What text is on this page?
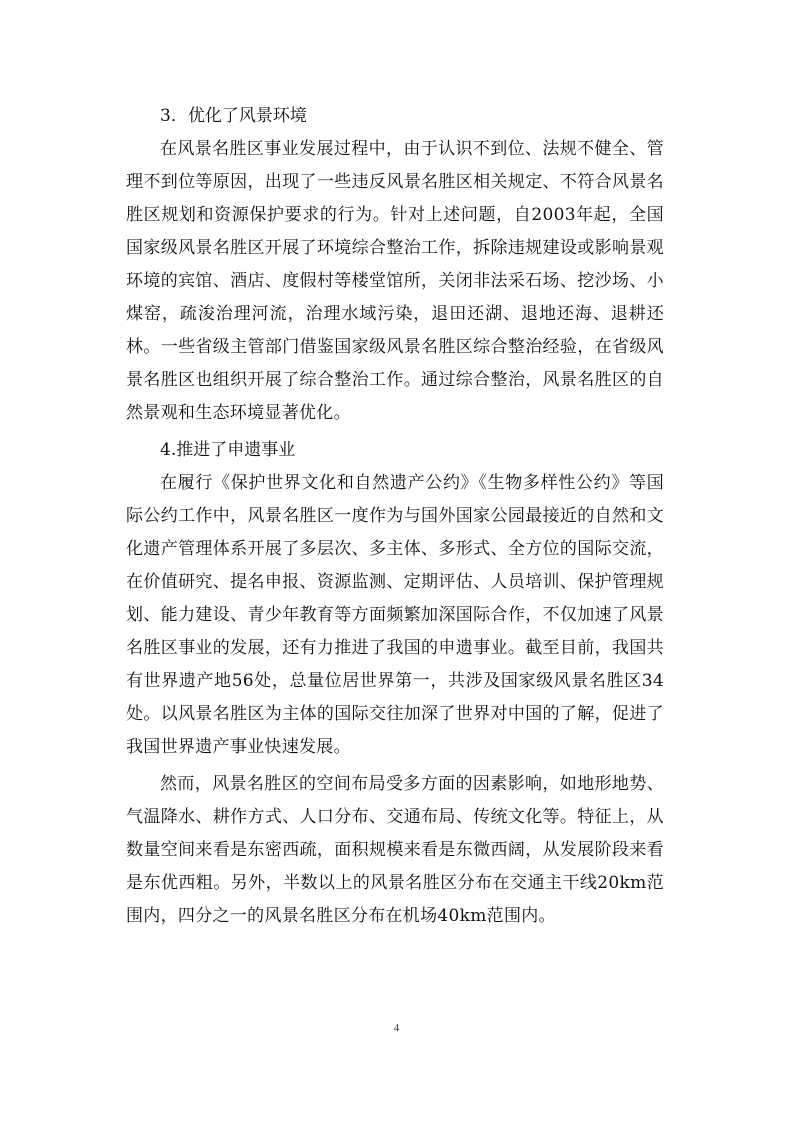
3．优化了风景环境

在风景名胜区事业发展过程中，由于认识不到位、法规不健全、管理不到位等原因，出现了一些违反风景名胜区相关规定、不符合风景名胜区规划和资源保护要求的行为。针对上述问题，自2003年起，全国国家级风景名胜区开展了环境综合整治工作，拆除违规建设或影响景观环境的宾馆、酒店、度假村等楼堂馆所，关闭非法采石场、挖沙场、小煤窑，疏浚治理河流，治理水域污染，退田还湖、退地还海、退耕还林。一些省级主管部门借鉴国家级风景名胜区综合整治经验，在省级风景名胜区也组织开展了综合整治工作。通过综合整治，风景名胜区的自然景观和生态环境显著优化。

4.推进了申遗事业

在履行《保护世界文化和自然遗产公约》《生物多样性公约》等国际公约工作中，风景名胜区一度作为与国外国家公园最接近的自然和文化遗产管理体系开展了多层次、多主体、多形式、全方位的国际交流，在价值研究、提名申报、资源监测、定期评估、人员培训、保护管理规划、能力建设、青少年教育等方面频繁加深国际合作，不仅加速了风景名胜区事业的发展，还有力推进了我国的申遗事业。截至目前，我国共有世界遗产地56处，总量位居世界第一，共涉及国家级风景名胜区34处。以风景名胜区为主体的国际交往加深了世界对中国的了解，促进了我国世界遗产事业快速发展。

然而，风景名胜区的空间布局受多方面的因素影响，如地形地势、气温降水、耕作方式、人口分布、交通布局、传统文化等。特征上，从数量空间来看是东密西疏，面积规模来看是东微西阔，从发展阶段来看是东优西粗。另外，半数以上的风景名胜区分布在交通主干线20km范围内，四分之一的风景名胜区分布在机场40km范围内。

4
